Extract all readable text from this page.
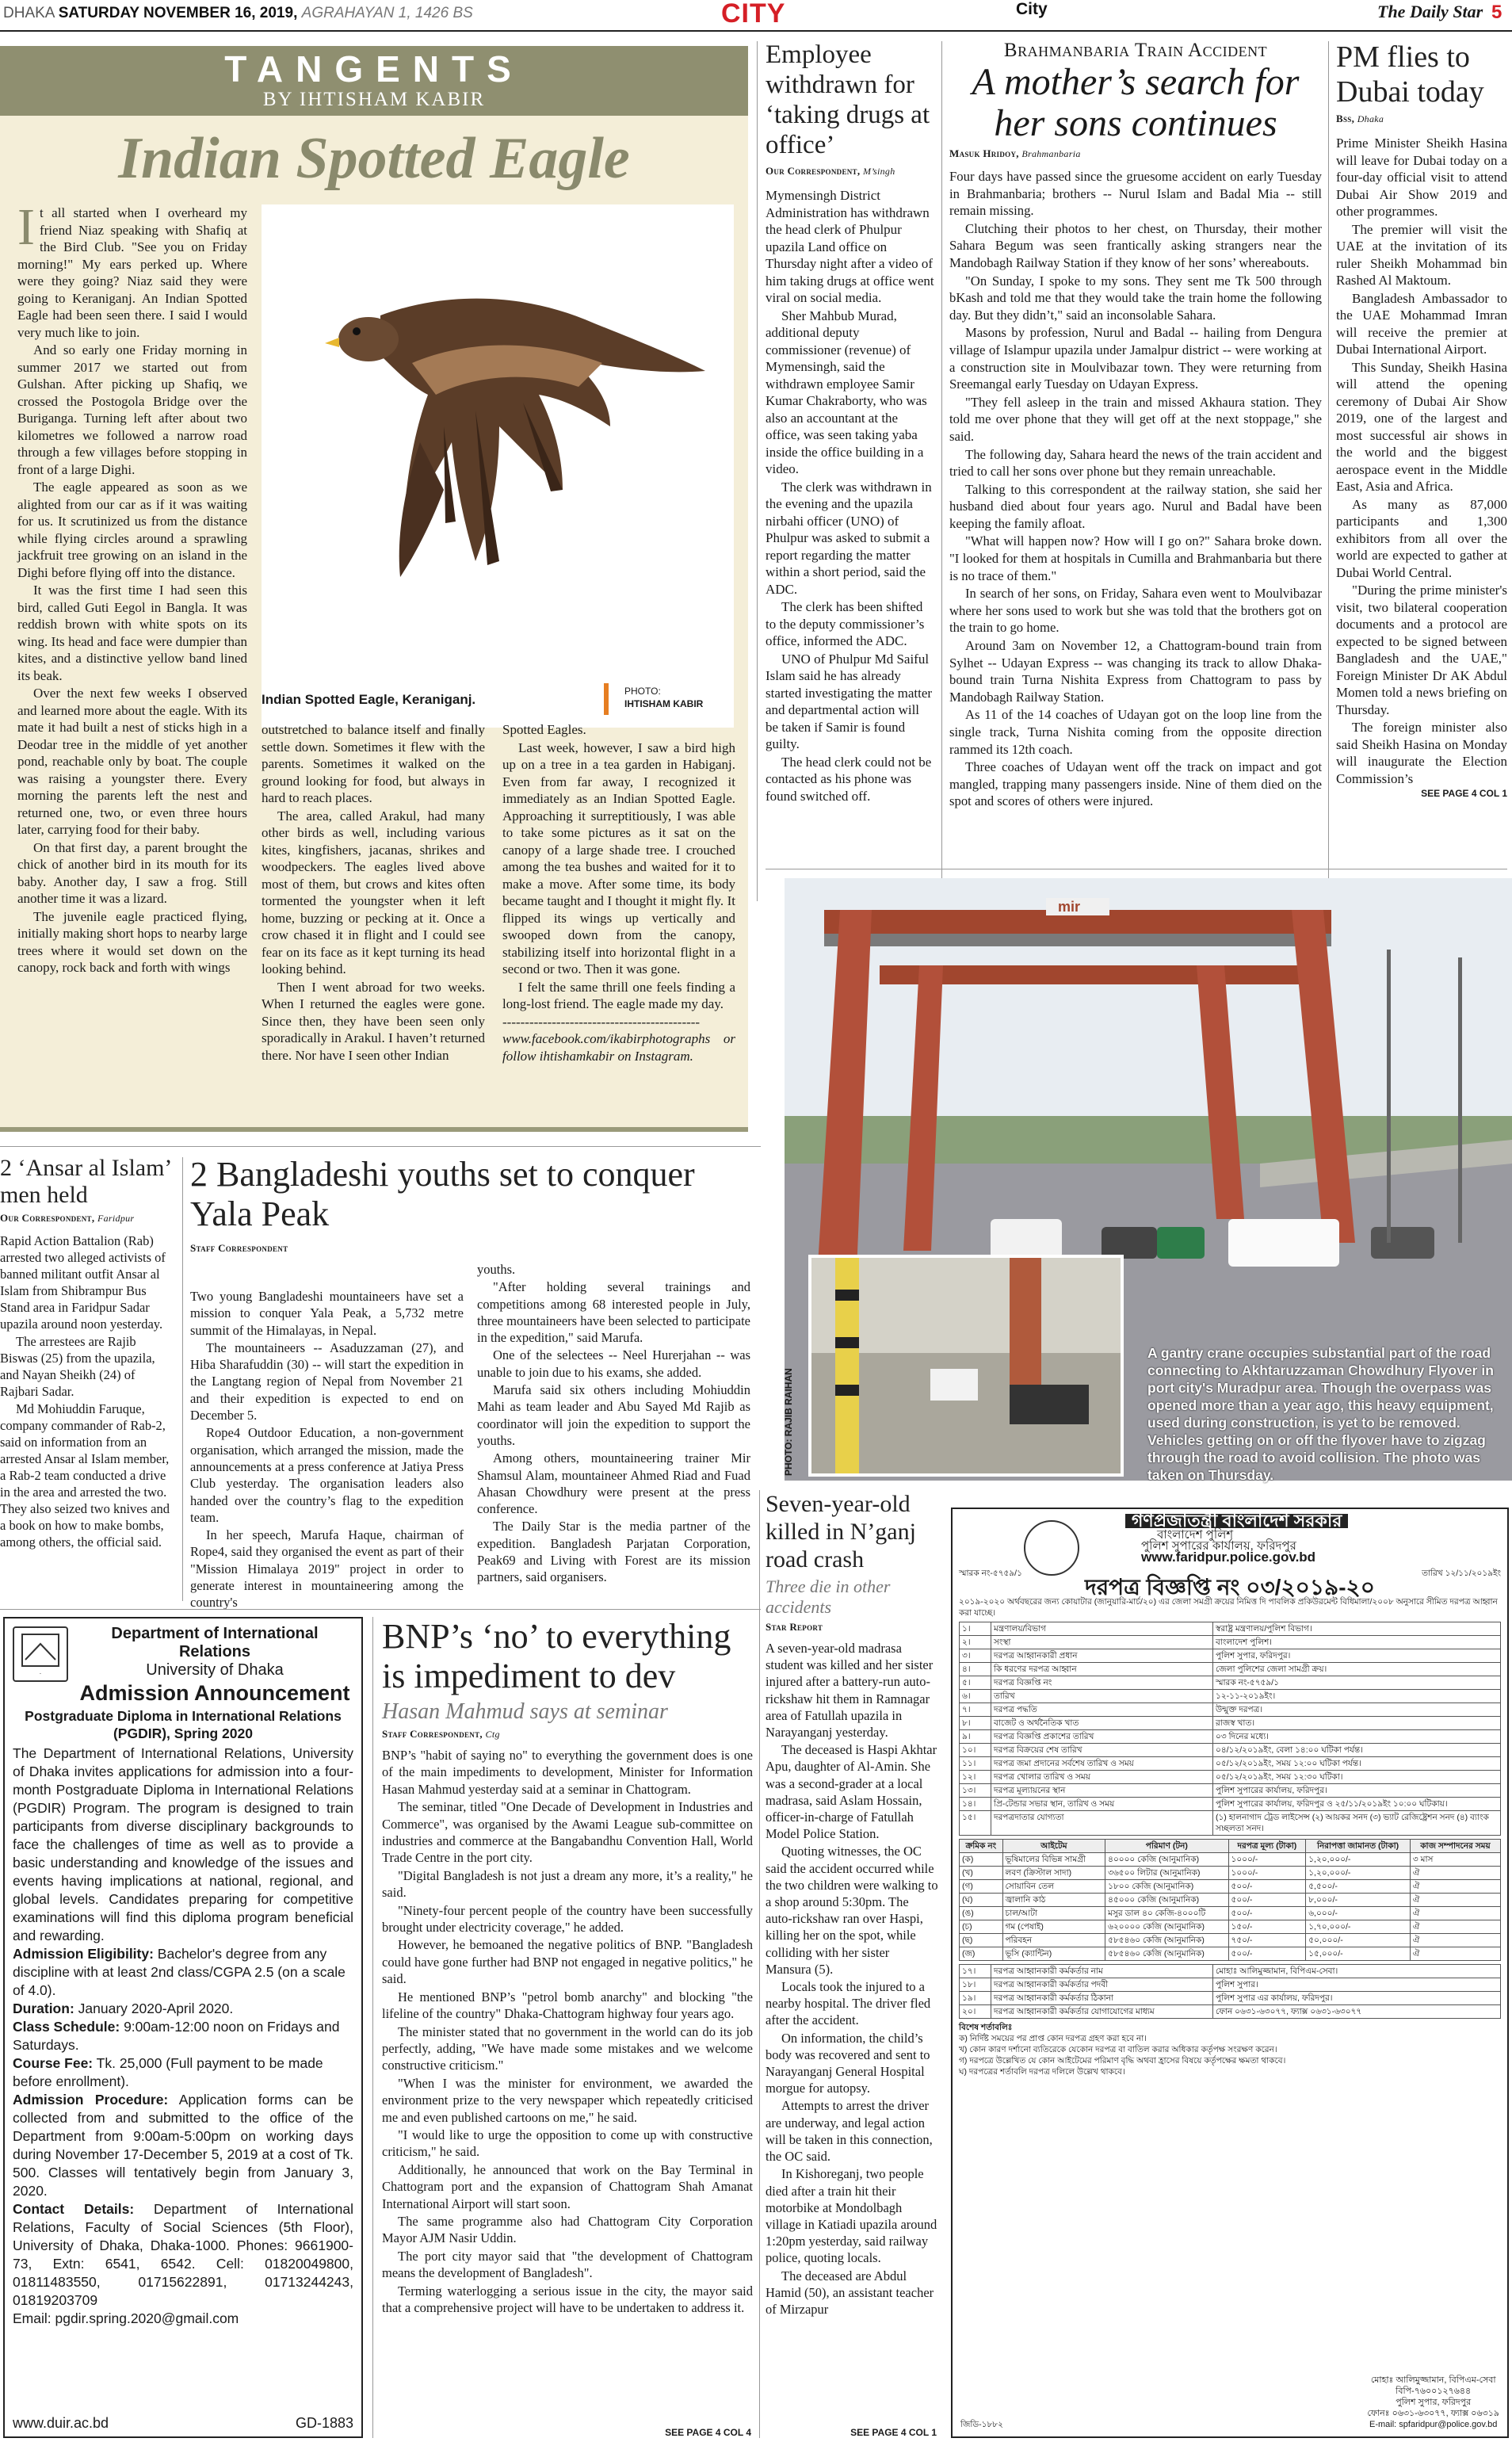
DHAKA SATURDAY NOVEMBER 16, 2019, AGRAHAYAN 1, 1426 BS	CITY	City	The Daily Star 5
TANGENTS
BY IHTISHAM KABIR
Indian Spotted Eagle

It all started when I overheard my friend Niaz speaking with Shafiq at the Bird Club. "See you on Friday morning!" My ears perked up. Where were they going? Niaz said they were going to Keraniganj. An Indian Spotted Eagle had been seen there. I said I would very much like to join.

And so early one Friday morning in summer 2017 we started out from Gulshan. After picking up Shafiq, we crossed the Postogola Bridge over the Buriganga. Turning left after about two kilometres we followed a narrow road through a few villages before stopping in front of a large Dighi.

The eagle appeared as soon as we alighted from our car as if it was waiting for us. It scrutinized us from the distance while flying circles around a sprawling jackfruit tree growing on an island in the Dighi before flying off into the distance.

It was the first time I had seen this bird, called Guti Eegol in Bangla. It was reddish brown with white spots on its wing. Its head and face were dumpier than kites, and a distinctive yellow band lined its beak.

Over the next few weeks I observed and learned more about the eagle. With its mate it had built a nest of sticks high in a Deodar tree in the middle of yet another pond, reachable only by boat. The couple was raising a youngster there. Every morning the parents left the nest and returned one, two, or even three hours later, carrying food for their baby.

On that first day, a parent brought the chick of another bird in its mouth for its baby. Another day, I saw a frog. Still another time it was a lizard.

The juvenile eagle practiced flying, initially making short hops to nearby large trees where it would set down on the canopy, rock back and forth with wings

Indian Spotted Eagle, Keraniganj.
PHOTO:
IHTISHAM KABIR

outstretched to balance itself and finally settle down. Sometimes it flew with the parents. Sometimes it walked on the ground looking for food, but always in hard to reach places.

The area, called Arakul, had many other birds as well, including various kites, kingfishers, jacanas, shrikes and woodpeckers. The eagles lived above most of them, but crows and kites often tormented the youngster when it left home, buzzing or pecking at it. Once a crow chased it in flight and I could see fear on its face as it kept turning its head looking behind.

Then I went abroad for two weeks. When I returned the eagles were gone. Since then, they have been seen only sporadically in Arakul. I haven’t returned there. Nor have I seen other Indian

Spotted Eagles.

Last week, however, I saw a bird high up on a tree in a tea garden in Habiganj. Even from far away, I recognized it immediately as an Indian Spotted Eagle. Approaching it surreptitiously, I was able to take some pictures as it sat on the canopy of a large shade tree. I crouched among the tea bushes and waited for it to make a move. After some time, its body became taught and I thought it might fly. It flipped its wings up vertically and swooped down from the canopy, stabilizing itself into horizontal flight in a second or two. Then it was gone.

I felt the same thrill one feels finding a long-lost friend. The eagle made my day.

--------------------------------------------
www.facebook.com/ikabirphotographs or follow ihtishamkabir on Instagram.
Employee withdrawn for ‘taking drugs at office’
Our Correspondent, M’singh

Mymensingh District Administration has withdrawn the head clerk of Phulpur upazila Land office on Thursday night after a video of him taking drugs at office went viral on social media.

Sher Mahbub Murad, additional deputy commissioner (revenue) of Mymensingh, said the withdrawn employee Samir Kumar Chakraborty, who was also an accountant at the office, was seen taking yaba inside the office building in a video.

The clerk was withdrawn in the evening and the upazila nirbahi officer (UNO) of Phulpur was asked to submit a report regarding the matter within a short period, said the ADC.

The clerk has been shifted to the deputy commissioner’s office, informed the ADC.

UNO of Phulpur Md Saiful Islam said he has already started investigating the matter and departmental action will be taken if Samir is found guilty.

The head clerk could not be contacted as his phone was found switched off.

Brahmanbaria Train Accident
A mother’s search for her sons continues
Masuk Hridoy, Brahmanbaria

Four days have passed since the gruesome accident on early Tuesday in Brahmanbaria; brothers -- Nurul Islam and Badal Mia -- still remain missing.

Clutching their photos to her chest, on Thursday, their mother Sahara Begum was seen frantically asking strangers near the Mandobagh Railway Station if they know of her sons’ whereabouts.

"On Sunday, I spoke to my sons. They sent me Tk 500 through bKash and told me that they would take the train home the following day. But they didn’t," said an inconsolable Sahara.

Masons by profession, Nurul and Badal -- hailing from Dengura village of Islampur upazila under Jamalpur district -- were working at a construction site in Moulvibazar town. They were returning from Sreemangal early Tuesday on Udayan Express.

"They fell asleep in the train and missed Akhaura station. They told me over phone that they will get off at the next stoppage," she said.

The following day, Sahara heard the news of the train accident and tried to call her sons over phone but they remain unreachable.

Talking to this correspondent at the railway station, she said her husband died about four years ago. Nurul and Badal have been keeping the family afloat.

"What will happen now? How will I go on?" Sahara broke down. "I looked for them at hospitals in Cumilla and Brahmanbaria but there is no trace of them."

In search of her sons, on Friday, Sahara even went to Moulvibazar where her sons used to work but she was told that the brothers got on the train to go home.

Around 3am on November 12, a Chattogram-bound train from Sylhet -- Udayan Express -- was changing its track to allow Dhaka-bound train Turna Nishita Express from Chattogram to pass by Mandobagh Railway Station.

As 11 of the 14 coaches of Udayan got on the loop line from the single track, Turna Nishita coming from the opposite direction rammed its 12th coach.

Three coaches of Udayan went off the track on impact and got mangled, trapping many passengers inside. Nine of them died on the spot and scores of others were injured.

PM flies to Dubai today
Bss, Dhaka

Prime Minister Sheikh Hasina will leave for Dubai today on a four-day official visit to attend Dubai Air Show 2019 and other programmes.

The premier will visit the UAE at the invitation of its ruler Sheikh Mohammad bin Rashed Al Maktoum.

Bangladesh Ambassador to the UAE Mohammad Imran will receive the premier at Dubai International Airport.

This Sunday, Sheikh Hasina will attend the opening ceremony of Dubai Air Show 2019, one of the largest and most successful air shows in the world and the biggest aerospace event in the Middle East, Asia and Africa.

As many as 87,000 participants and 1,300 exhibitors from all over the world are expected to gather at Dubai World Central.

"During the prime minister's visit, two bilateral cooperation documents and a protocol are expected to be signed between Bangladesh and the UAE," Foreign Minister Dr AK Abdul Momen told a news briefing on Thursday.

The foreign minister also said Sheikh Hasina on Monday will inaugurate the Election Commission’s

SEE PAGE 4 COL 1
mir
PHOTO: RAJIB RAIHAN
A gantry crane occupies substantial part of the road connecting to Akhtaruzzaman Chowdhury Flyover in port city's Muradpur area. Though the overpass was opened more than a year ago, this heavy equipment, used during construction, is yet to be removed. Vehicles getting on or off the flyover have to zigzag through the road to avoid collision. The photo was taken on Thursday.
2 ‘Ansar al Islam’ men held
Our Correspondent, Faridpur

Rapid Action Battalion (Rab) arrested two alleged activists of banned militant outfit Ansar al Islam from Shibrampur Bus Stand area in Faridpur Sadar upazila around noon yesterday.

The arrestees are Rajib Biswas (25) from the upazila, and Nayan Sheikh (24) of Rajbari Sadar.

Md Mohiuddin Faruque, company commander of Rab-2, said on information from an arrested Ansar al Islam member, a Rab-2 team conducted a drive in the area and arrested the two. They also seized two knives and a book on how to make bombs, among others, the official said.

2 Bangladeshi youths set to conquer Yala Peak
Staff Correspondent

Two young Bangladeshi mountaineers have set a mission to conquer Yala Peak, a 5,732 metre summit of the Himalayas, in Nepal.

The mountaineers -- Asaduzzaman (27), and Hiba Sharafuddin (30) -- will start the expedition in the Langtang region of Nepal from November 21 and their expedition is expected to end on December 5.

Rope4 Outdoor Education, a non-government organisation, which arranged the mission, made the announcements at a press conference at Jatiya Press Club yesterday. The organisation leaders also handed over the country’s flag to the expedition team.

In her speech, Marufa Haque, chairman of Rope4, said they organised the event as part of their "Mission Himalaya 2019" project in order to generate interest in mountaineering among the country's

youths.

"After holding several trainings and competitions among 68 interested people in July, three mountaineers have been selected to participate in the expedition," said Marufa.

One of the selectees -- Neel Hurerjahan -- was unable to join due to his exams, she added.

Marufa said six others including Mohiuddin Mahi as team leader and Abu Sayed Md Rajib as coordinator will join the expedition to support the youths.

Among others, mountaineering trainer Mir Shamsul Alam, mountaineer Ahmed Riad and Fuad Ahasan Chowdhury were present at the press conference.

The Daily Star is the media partner of the expedition. Bangladesh Parjatan Corporation, Peak69 and Living with Forest are its mission partners, said organisers.

·
Department of International Relations
University of Dhaka
Admission Announcement
Postgraduate Diploma in International Relations (PGDIR), Spring 2020
The Department of International Relations, University of Dhaka invites applications for admission into a four-month Postgraduate Diploma in International Relations (PGDIR) Program. The program is designed to train participants from diverse disciplinary backgrounds to face the challenges of time as well as to provide a basic understanding and knowledge of the issues and events having implications at national, regional, and global levels. Candidates preparing for competitive examinations will find this diploma program beneficial and rewarding.
Admission Eligibility: Bachelor's degree from any discipline with at least 2nd class/CGPA 2.5 (on a scale of 4.0).
Duration: January 2020-April 2020.
Class Schedule: 9:00am-12:00 noon on Fridays and Saturdays.
Course Fee: Tk. 25,000 (Full payment to be made before enrollment).
Admission Procedure: Application forms can be collected from and submitted to the office of the Department from 9:00am-5:00pm on working days during November 17-December 5, 2019 at a cost of Tk. 500. Classes will tentatively begin from January 3, 2020.
Contact Details: Department of International Relations, Faculty of Social Sciences (5th Floor), University of Dhaka, Dhaka-1000. Phones: 9661900-73, Extn: 6541, 6542. Cell: 01820049800, 01811483550, 01715622891, 01713244243, 01819203709
Email: pgdir.spring.2020@gmail.com
www.duir.ac.bd	GD-1883
BNP’s ‘no’ to everything is impediment to dev
Hasan Mahmud says at seminar
Staff Correspondent, Ctg

BNP’s "habit of saying no" to everything the government does is one of the main impediments to development, Minister for Information Hasan Mahmud yesterday said at a seminar in Chattogram.

The seminar, titled "One Decade of Development in Industries and Commerce", was organised by the Awami League sub-committee on industries and commerce at the Bangabandhu Convention Hall, World Trade Centre in the port city.

"Digital Bangladesh is not just a dream any more, it’s a reality," he said.

"Ninety-four percent people of the country have been successfully brought under electricity coverage," he added.

However, he bemoaned the negative politics of BNP. "Bangladesh could have gone further had BNP not engaged in negative politics," he said.

He mentioned BNP’s "petrol bomb anarchy" and blocking "the lifeline of the country" Dhaka-Chattogram highway four years ago.

The minister stated that no government in the world can do its job perfectly, adding, "We have made some mistakes and we welcome constructive criticism."

"When I was the minister for environment, we awarded the environment prize to the very newspaper which repeatedly criticised me and even published cartoons on me," he said.

"I would like to urge the opposition to come up with constructive criticism," he said.

Additionally, he announced that work on the Bay Terminal in Chattogram port and the expansion of Chattogram Shah Amanat International Airport will start soon.

The same programme also had Chattogram City Corporation Mayor AJM Nasir Uddin.

The port city mayor said that "the development of Chattogram means the development of Bangladesh".

Terming waterlogging a serious issue in the city, the mayor said that a comprehensive project will have to be undertaken to address it.

SEE PAGE 4 COL 4
Seven-year-old killed in N’ganj road crash
Three die in other accidents
Star Report

A seven-year-old madrasa student was killed and her sister injured after a battery-run auto-rickshaw hit them in Ramnagar area of Fatullah upazila in Narayanganj yesterday.

The deceased is Haspi Akhtar Apu, daughter of Al-Amin. She was a second-grader at a local madrasa, said Aslam Hossain, officer-in-charge of Fatullah Model Police Station.

Quoting witnesses, the OC said the accident occurred while the two children were walking to a shop around 5:30pm. The auto-rickshaw ran over Haspi, killing her on the spot, while colliding with her sister Mansura (5).

Locals took the injured to a nearby hospital. The driver fled after the accident.

On information, the child’s body was recovered and sent to Narayanganj General Hospital morgue for autopsy.

Attempts to arrest the driver are underway, and legal action will be taken in this connection, the OC said.

In Kishoreganj, two people died after a train hit their motorbike at Mondolbagh village in Katiadi upazila around 1:20pm yesterday, said railway police, quoting locals.

The deceased are Abdul Hamid (50), an assistant teacher of Mirzapur

SEE PAGE 4 COL 1
গণপ্রজাতন্ত্রী বাংলাদেশ সরকার
বাংলাদেশ পুলিশ
পুলিশ সুপারের কার্যালয়, ফরিদপুর
www.faridpur.police.gov.bd
স্মারক নং-৫৭৫৯/১	তারিখ ১২/১১/২০১৯ইং
দরপত্র বিজ্ঞপ্তি নং ০৩/২০১৯-২০
২০১৯-২০২০ অর্থবছরের জন্য কোয়াটার (জানুয়ারি-মার্চ/২০) এর জেলা সমগ্রী ক্রয়ের নিমিত্ত দি পাবলিক প্রকিউরমেন্ট বিধিমালা/২০০৮ অনুসারে সীমিত দরপত্র আহ্বান করা যাচ্ছে।
১।	মন্ত্রণালয়/বিভাগ	স্বরাষ্ট্র মন্ত্রণালয়/পুলিশ বিভাগ।
২।	সংস্থা	বাংলাদেশ পুলিশ।
৩।	দরপত্র আহ্বানকারী প্রধান	পুলিশ সুপার, ফরিদপুর।
৪।	কি ধরণের দরপত্র আহ্বান	জেলা পুলিশের জেলা সামগ্রী ক্রয়।
৫।	দরপত্র বিজ্ঞপ্তি নং	স্মারক নং-৫৭৫৯/১
৬।	তারিখ	১২-১১-২০১৯ইং।
৭।	দরপত্র পদ্ধতি	উন্মুক্ত দরপত্র।
৮।	বাজেট ও অর্থনৈতিক খাত	রাজস্ব খাত।
৯।	দরপত্র বিজ্ঞপ্তি প্রকাশের তারিখ	০৩ দিনের মধ্যে।
১০।	দরপত্র বিক্রয়ের শেষ তারিখ	০৪/১২/২০১৯ইং, বেলা ১৪:০০ ঘটিকা পর্যন্ত।
১১।	দরপত্র জমা প্রদানের সর্বশেষ তারিখ ও সময়	০৫/১২/২০১৯ইং, সময় ১২:০০ ঘটিকা পর্যন্ত।
১২।	দরপত্র খোলার তারিখ ও সময়	০৫/১২/২০১৯ইং, সময় ১২:৩০ ঘটিকা।
১৩।	দরপত্র মূল্যায়নের স্থান	পুলিশ সুপারের কার্যালয়, ফরিদপুর।
১৪।	প্রি-টেন্ডার সভার স্থান, তারিখ ও সময়	পুলিশ সুপারের কার্যালয়, ফরিদপুর ও ২৫/১১/২০১৯ইং ১০:০০ ঘটিকায়।
১৫।	দরপত্রদাতার যোগ্যতা	(১) হালনাগাদ ট্রেড লাইসেন্স (২) আয়কর সনদ (৩) ভ্যাট রেজিষ্ট্রেশন সনদ (৪) ব্যাংক সচ্ছলতা সনদ।
ক্রমিক নং	আইটেম	পরিমাণ (টন)	দরপত্র মূল্য (টাকা)	নিরাপত্তা জামানত (টাকা)	কাজ সম্পাদনের সময়
(ক)	ভূষিমালের বিভিন্ন সামগ্রী	৪০০০০ কেজি (আনুমানিক)	১০০০/-	১,২০,০০০/-	৩ মাস
(খ)	লবণ (ক্রিস্টাল সাদা)	৩৬৫০০ লিটার (আনুমানিক)	১০০০/-	১,২০,০০০/-	ঐ
(গ)	সোয়াবিন তেল	১৮০০ কেজি (আনুমানিক)	৫০০/-	৫,৫০০/-	ঐ
(ঘ)	জ্বালানি কাঠ	৪৫০০০ কেজি (আনুমানিক)	৫০০/-	৮,০০০/-	ঐ
(ঙ)	চাল/আটা	মসুর ডাল ৪০ কেজি-৪০০০টি	৫০০/-	৬,০০০/-	ঐ
(চ)	গম (পেষাই)	৬২০০০০ কেজি (আনুমানিক)	১৫০/-	১,৭০,০০০/-	ঐ
(ছ)	পরিবহন	৫৮৫৪৬০ কেজি (আনুমানিক)	৭৫০/-	৫০,০০০/-	ঐ
(জ)	ভূসি (ক্যান্টিন)	৫৮৫৪৬০ কেজি (আনুমানিক)	৫০০/-	১৫,০০০/-	ঐ
১৭।	দরপত্র আহ্বানকারী কর্মকর্তার নাম	মোহাঃ আলিমুজ্জামান, বিপিএম-সেবা।
১৮।	দরপত্র আহ্বানকারী কর্মকর্তার পদবী	পুলিশ সুপার।
১৯।	দরপত্র আহ্বানকারী কর্মকর্তার ঠিকানা	পুলিশ সুপার এর কার্যালয়, ফরিদপুর।
২০।	দরপত্র আহ্বানকারী কর্মকর্তার যোগাযোগের মাধ্যম	ফোন ০৬৩১-৬৩০৭৭, ফ্যাক্স ০৬৩১-৬৩০৭৭
বিশেষ শর্তাবলিঃ
ক) নির্দিষ্ট সময়ের পর প্রাপ্ত কোন দরপত্র গ্রহণ করা হবে না।
খ) কোন কারণ দর্শানো ব্যতিরেকে যেকোন দরপত্র বা বাতিল করার অধিকার কর্তৃপক্ষ সংরক্ষণ করেন।
গ) দরপত্রে উল্লেখিত যে কোন আইটেমের পরিমাণ বৃদ্ধি অথবা হ্রাসের বিষয়ে কর্তৃপক্ষের ক্ষমতা থাকবে।
ঘ) দরপত্রের শর্তাবলি দরপত্র দলিলে উল্লেখ থাকবে।
মোহাঃ আলিমুজ্জামান, বিপিএম-সেবা
বিপি-৭৬০০১২৭৬৪৪
পুলিশ সুপার, ফরিদপুর
ফোনঃ ০৬৩১-৬৩০৭৭, ফ্যাক্স ০৬৩১৯
E-mail: spfaridpur@police.gov.bd
জিডি-১৮৮২
